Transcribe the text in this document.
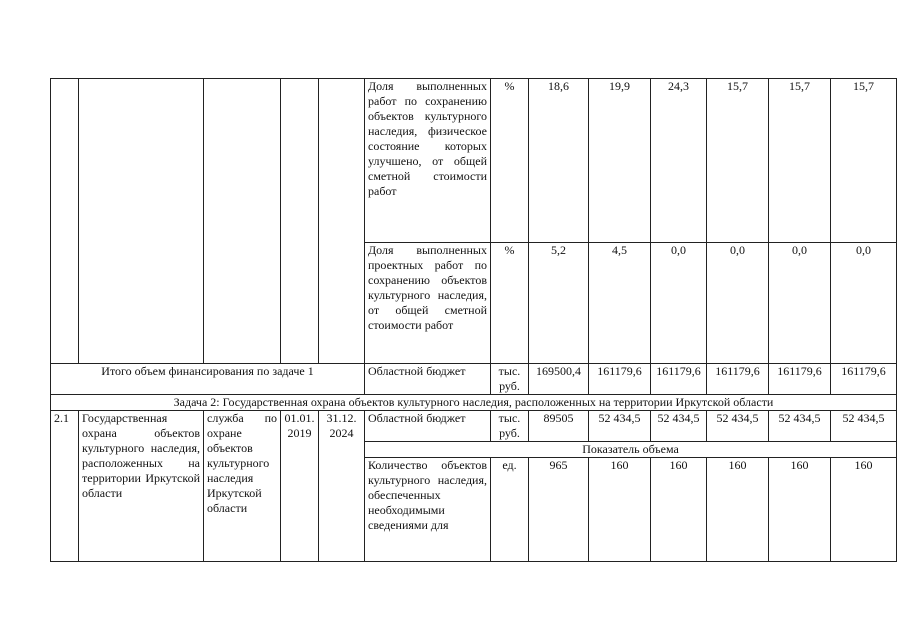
					Доля выполненных работ по сохранению объектов культурного наследия, физическое состояние которых улучшено, от общей сметной стоимости работ	%	18,6	19,9	24,3	15,7	15,7	15,7
					Доля выполненных проектных работ по сохранению объектов культурного наследия, от общей сметной стоимости работ	%	5,2	4,5	0,0	0,0	0,0	0,0
Итого объем финансирования по задаче 1					Областной бюджет	тыс. руб.	169500,4	161179,6	161179,6	161179,6	161179,6	161179,6
Задача 2: Государственная охрана объектов культурного наследия, расположенных на территории Иркутской области												
2.1	Государственная охрана объектов культурного наследия, расположенных на территории Иркутской области	служба по охране объектов культурного наследия Иркутской области	01.01.2019	31.12. 2024	Областной бюджет	тыс. руб.	89505	52 434,5	52 434,5	52 434,5	52 434,5	52 434,5
					Показатель объема							
					Количество объектов культурного наследия, обеспеченных необходимыми сведениями для	ед.	965	160	160	160	160	160
